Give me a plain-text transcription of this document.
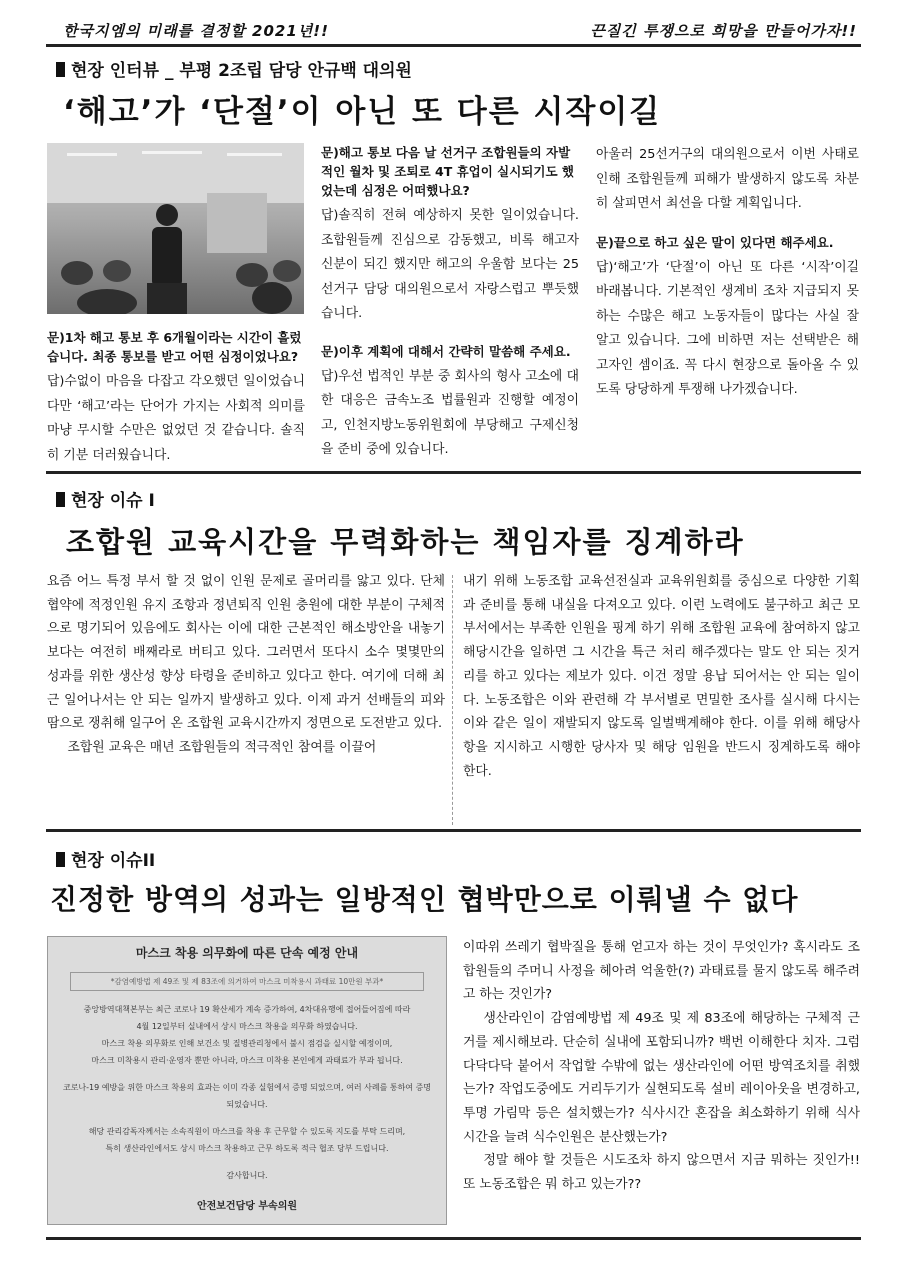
한국지엠의 미래를 결정할 2021년!!	끈질긴 투쟁으로 희망을 만들어가자!!
현장 인터뷰 _ 부평 2조립 담당 안규백 대의원
‘해고’가 ‘단절’이 아닌 또 다른 시작이길
문)1차 해고 통보 후 6개월이라는 시간이 흘렀습니다. 최종 통보를 받고 어떤 심정이었나요?
답)수없이 마음을 다잡고 각오했던 일이었습니다만 ‘해고’라는 단어가 가지는 사회적 의미를 마냥 무시할 수만은 없었던 것 같습니다. 솔직히 기분 더러웠습니다.
문)해고 통보 다음 날 선거구 조합원들의 자발적인 월차 및 조퇴로 4T 휴업이 실시되기도 했었는데 심정은 어떠했나요?
답)솔직히 전혀 예상하지 못한 일이었습니다. 조합원들께 진심으로 감동했고, 비록 해고자 신분이 되긴 했지만 해고의 우울함 보다는 25선거구 담당 대의원으로서 자랑스럽고 뿌듯했습니다.
문)이후 계획에 대해서 간략히 말씀해 주세요.
답)우선 법적인 부분 중 회사의 형사 고소에 대한 대응은 금속노조 법률원과 진행할 예정이고, 인천지방노동위원회에 부당해고 구제신청을 준비 중에 있습니다.
아울러 25선거구의 대의원으로서 이번 사태로 인해 조합원들께 피해가 발생하지 않도록 차분히 살피면서 최선을 다할 계획입니다.
문)끝으로 하고 싶은 말이 있다면 해주세요.
답)‘해고’가 ‘단절’이 아닌 또 다른 ‘시작’이길 바래봅니다. 기본적인 생계비 조차 지급되지 못하는 수많은 해고 노동자들이 많다는 사실 잘 알고 있습니다. 그에 비하면 저는 선택받은 해고자인 셈이죠. 꼭 다시 현장으로 돌아올 수 있도록 당당하게 투쟁해 나가겠습니다.
현장 이슈 I
조합원 교육시간을 무력화하는 책임자를 징계하라
요즘 어느 특정 부서 할 것 없이 인원 문제로 골머리를 앓고 있다. 단체협약에 적정인원 유지 조항과 정년퇴직 인원 충원에 대한 부분이 구체적으로 명기되어 있음에도 회사는 이에 대한 근본적인 해소방안을 내놓기 보다는 여전히 배째라로 버티고 있다. 그러면서 또다시 소수 몇몇만의 성과를 위한 생산성 향상 타령을 준비하고 있다고 한다. 여기에 더해 최근 일어나서는 안 되는 일까지 발생하고 있다. 이제 과거 선배들의 피와 땀으로 쟁취해 일구어 온 조합원 교육시간까지 정면으로 도전받고 있다.
조합원 교육은 매년 조합원들의 적극적인 참여를 이끌어
내기 위해 노동조합 교육선전실과 교육위원회를 중심으로 다양한 기획과 준비를 통해 내실을 다져오고 있다. 이런 노력에도 불구하고 최근 모 부서에서는 부족한 인원을 핑계 하기 위해 조합원 교육에 참여하지 않고 해당시간을 일하면 그 시간을 특근 처리 해주겠다는 말도 안 되는 짓거리를 하고 있다는 제보가 있다. 이건 정말 용납 되어서는 안 되는 일이다. 노동조합은 이와 관련해 각 부서별로 면밀한 조사를 실시해 다시는 이와 같은 일이 재발되지 않도록 일벌백계해야 한다. 이를 위해 해당사항을 지시하고 시행한 당사자 및 해당 임원을 반드시 징계하도록 해야 한다.
현장 이슈II
진정한 방역의 성과는 일방적인 협박만으로 이뤄낼 수 없다
마스크 착용 의무화에 따른 단속 예정 안내
*감염예방법 제 49조 및 제 83조에 의거하여 마스크 미착용시 과태료 10만원 부과*
중앙방역대책본부는 최근 코로나 19 확산세가 계속 증가하여, 4차대유행에 접어들어짐에 따라
4월 12일부터 실내에서 상시 마스크 착용을 의무화 하였습니다.
마스크 착용 의무화로 인해 보건소 및 질병관리청에서 불시 점검을 실시할 예정이며,
마스크 미착용시 관리·운영자 뿐만 아니라, 마스크 미착용 본인에게 과태료가 부과 됩니다.
코로나-19 예방을 위한 마스크 착용의 효과는 이미 각종 실험에서 증명 되었으며, 여러 사례를 통하여 증명 되었습니다.
해당 관리감독자께서는 소속직원이 마스크를 착용 후 근무할 수 있도록 지도를 부탁 드리며,
특히 생산라인에서도 상시 마스크 착용하고 근무 하도록 적극 협조 당부 드립니다.
감사합니다.
안전보건담당 부속의원
이따위 쓰레기 협박질을 통해 얻고자 하는 것이 무엇인가? 혹시라도 조합원들의 주머니 사정을 헤아려 억울한(?) 과태료를 물지 않도록 해주려고 하는 것인가?
생산라인이 감염예방법 제 49조 및 제 83조에 해당하는 구체적 근거를 제시해보라. 단순히 실내에 포함되니까? 백번 이해한다 치자. 그럼 다닥다닥 붙어서 작업할 수밖에 없는 생산라인에 어떤 방역조치를 취했는가? 작업도중에도 거리두기가 실현되도록 설비 레이아웃을 변경하고, 투명 가림막 등은 설치했는가? 식사시간 혼잡을 최소화하기 위해 식사시간을 늘려 식수인원은 분산했는가?
정말 해야 할 것들은 시도조차 하지 않으면서 지금 뭐하는 짓인가!! 또 노동조합은 뭐 하고 있는가??
